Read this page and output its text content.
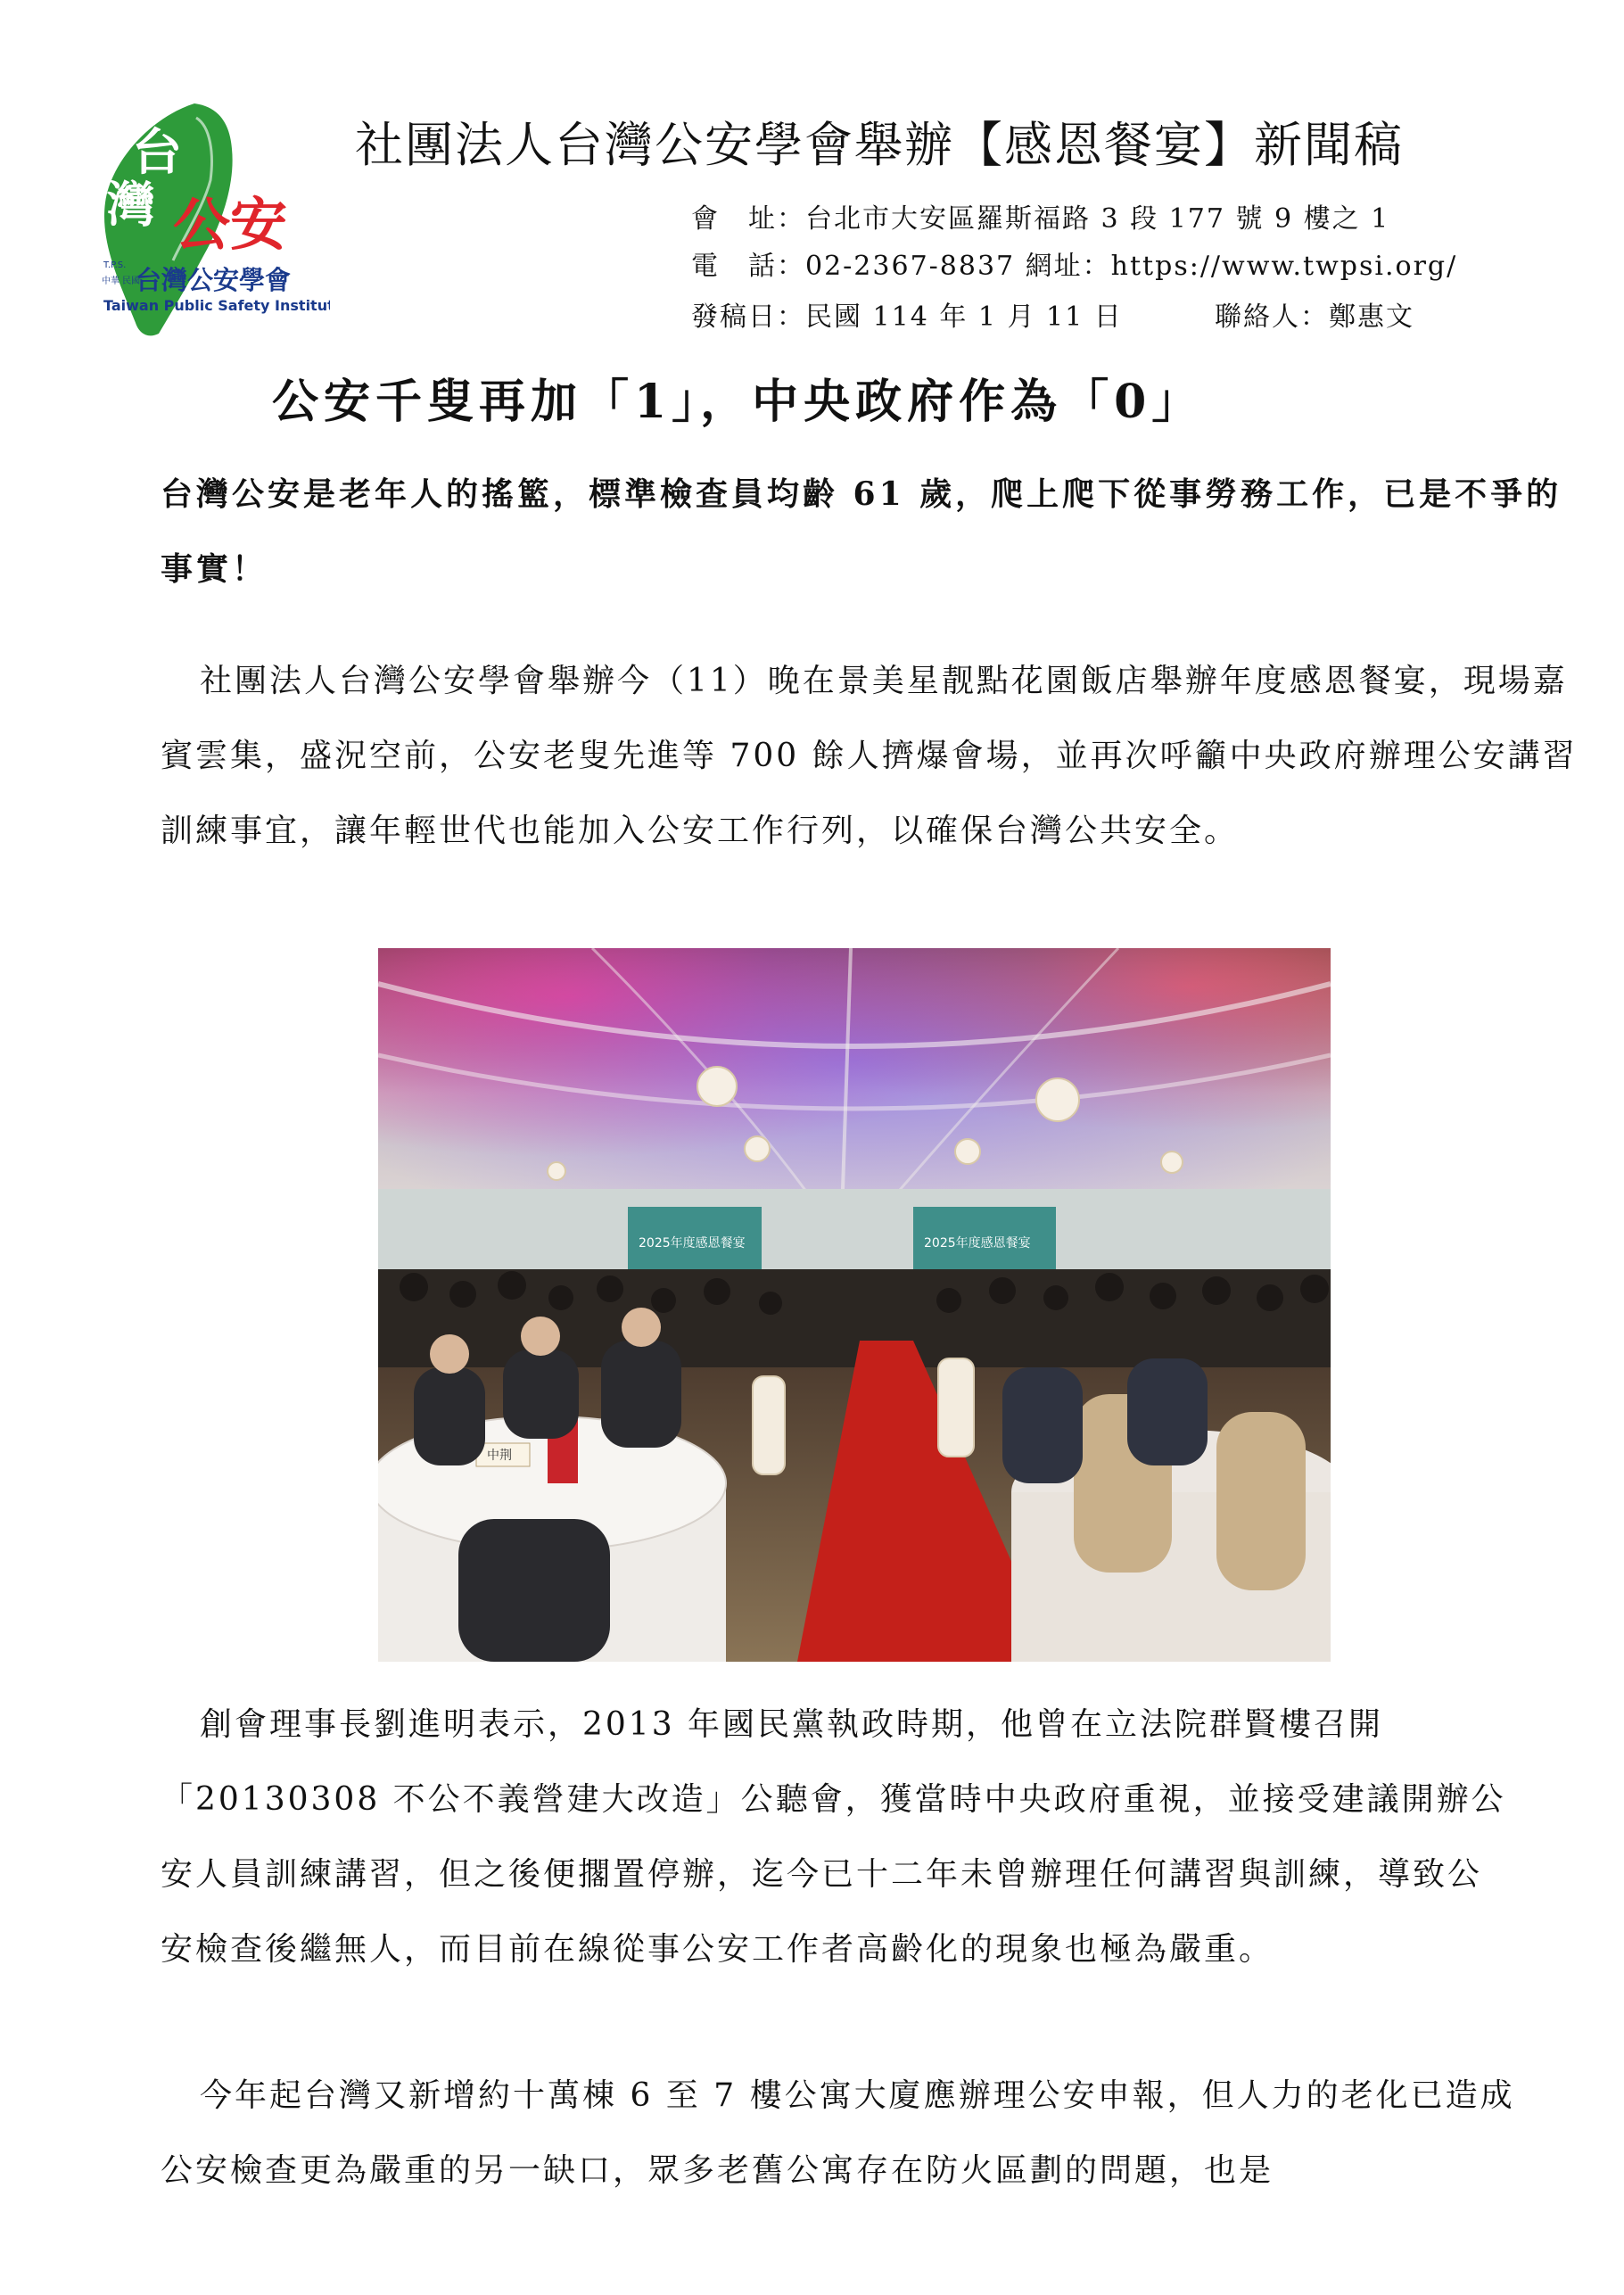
台
灣 公安
T.P.S.
中華 民國
台灣公安學會
Taiwan Public Safety Institute
社團法人台灣公安學會舉辦【感恩餐宴】新聞稿
會　址：台北市大安區羅斯福路 3 段 177 號 9 樓之 1
電　話：02-2367-8837 網址：https://www.twpsi.org/
發稿日：民國 114 年 1 月 11 日	聯絡人：鄭惠文
公安千叟再加「1」，中央政府作為「0」
台灣公安是老年人的搖籃，標準檢查員均齡 61 歲，爬上爬下從事勞務工作，已是不爭的事實！
社團法人台灣公安學會舉辦今（11）晚在景美星靓點花園飯店舉辦年度感恩餐宴，現場嘉賓雲集，盛況空前，公安老叟先進等 700 餘人擠爆會場，並再次呼籲中央政府辦理公安講習訓練事宜，讓年輕世代也能加入公安工作行列，以確保台灣公共安全。
2025年度感恩餐宴	2025年度感恩餐宴
中荆
創會理事長劉進明表示，2013 年國民黨執政時期，他曾在立法院群賢樓召開「20130308 不公不義營建大改造」公聽會，獲當時中央政府重視，並接受建議開辦公安人員訓練講習，但之後便擱置停辦，迄今已十二年未曾辦理任何講習與訓練，導致公安檢查後繼無人，而目前在線從事公安工作者高齡化的現象也極為嚴重。
今年起台灣又新增約十萬棟 6 至 7 樓公寓大廈應辦理公安申報，但人力的老化已造成公安檢查更為嚴重的另一缺口，眾多老舊公寓存在防火區劃的問題，也是
